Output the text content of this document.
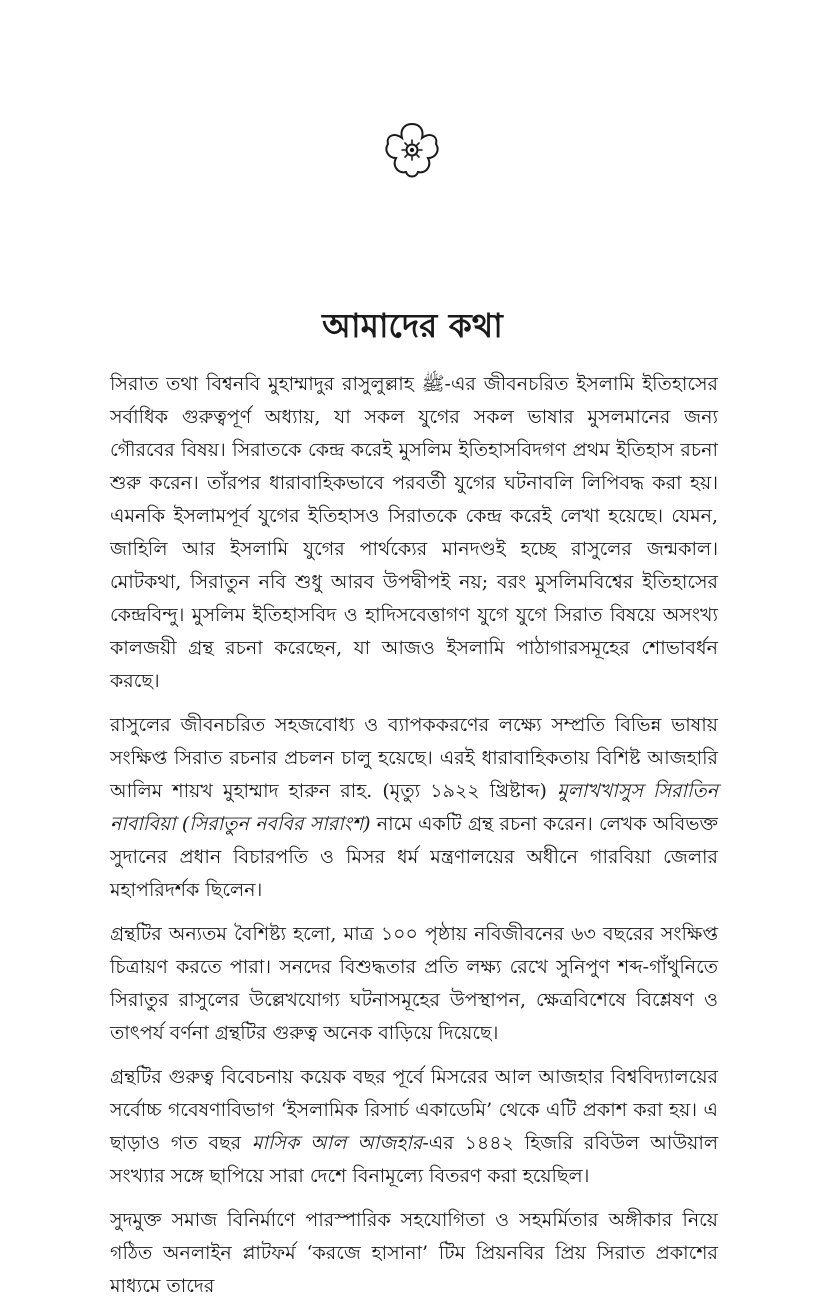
আমাদের কথা

সিরাত তথা বিশ্বনবি মুহাম্মাদুর রাসুলুল্লাহ ﷺ-এর জীবনচরিত ইসলামি ইতিহাসের সর্বাধিক গুরুত্বপূর্ণ অধ্যায়, যা সকল যুগের সকল ভাষার মুসলমানের জন্য গৌরবের বিষয়। সিরাতকে কেন্দ্র করেই মুসলিম ইতিহাসবিদগণ প্রথম ইতিহাস রচনা শুরু করেন। তাঁরপর ধারাবাহিকভাবে পরবর্তী যুগের ঘটনাবলি লিপিবদ্ধ করা হয়। এমনকি ইসলামপূর্ব যুগের ইতিহাসও সিরাতকে কেন্দ্র করেই লেখা হয়েছে। যেমন, জাহিলি আর ইসলামি যুগের পার্থক্যের মানদণ্ডই হচ্ছে রাসুলের জন্মকাল। মোটকথা, সিরাতুন নবি শুধু আরব উপদ্বীপই নয়; বরং মুসলিমবিশ্বের ইতিহাসের কেন্দ্রবিন্দু। মুসলিম ইতিহাসবিদ ও হাদিসবেত্তাগণ যুগে যুগে সিরাত বিষয়ে অসংখ্য কালজয়ী গ্রন্থ রচনা করেছেন, যা আজও ইসলামি পাঠাগারসমূহের শোভাবর্ধন করছে।

রাসুলের জীবনচরিত সহজবোধ্য ও ব্যাপককরণের লক্ষ্যে সম্প্রতি বিভিন্ন ভাষায় সংক্ষিপ্ত সিরাত রচনার প্রচলন চালু হয়েছে। এরই ধারাবাহিকতায় বিশিষ্ট আজহারি আলিম শায়খ মুহাম্মাদ হারুন রাহ. (মৃত্যু ১৯২২ খ্রিষ্টাব্দ) মুলাখখাসুস সিরাতিন নাবাবিয়া (সিরাতুন নববির সারাংশ) নামে একটি গ্রন্থ রচনা করেন। লেখক অবিভক্ত সুদানের প্রধান বিচারপতি ও মিসর ধর্ম মন্ত্রণালয়ের অধীনে গারবিয়া জেলার মহাপরিদর্শক ছিলেন।

গ্রন্থটির অন্যতম বৈশিষ্ট্য হলো, মাত্র ১০০ পৃষ্ঠায় নবিজীবনের ৬৩ বছরের সংক্ষিপ্ত চিত্রায়ণ করতে পারা। সনদের বিশুদ্ধতার প্রতি লক্ষ্য রেখে সুনিপুণ শব্দ-গাঁথুনিতে সিরাতুর রাসুলের উল্লেখযোগ্য ঘটনাসমূহের উপস্থাপন, ক্ষেত্রবিশেষে বিশ্লেষণ ও তাৎপর্য বর্ণনা গ্রন্থটির গুরুত্ব অনেক বাড়িয়ে দিয়েছে।

গ্রন্থটির গুরুত্ব বিবেচনায় কয়েক বছর পূর্বে মিসরের আল আজহার বিশ্ববিদ্যালয়ের সর্বোচ্চ গবেষণাবিভাগ ‘ইসলামিক রিসার্চ একাডেমি’ থেকে এটি প্রকাশ করা হয়। এ ছাড়াও গত বছর মাসিক আল আজহার-এর ১৪৪২ হিজরি রবিউল আউয়াল সংখ্যার সঙ্গে ছাপিয়ে সারা দেশে বিনামূল্যে বিতরণ করা হয়েছিল।

সুদমুক্ত সমাজ বিনির্মাণে পারস্পারিক সহযোগিতা ও সহমর্মিতার অঙ্গীকার নিয়ে গঠিত অনলাইন প্লাটফর্ম ‘করজে হাসানা’ টিম প্রিয়নবির প্রিয় সিরাত প্রকাশের মাধ্যমে তাদের
